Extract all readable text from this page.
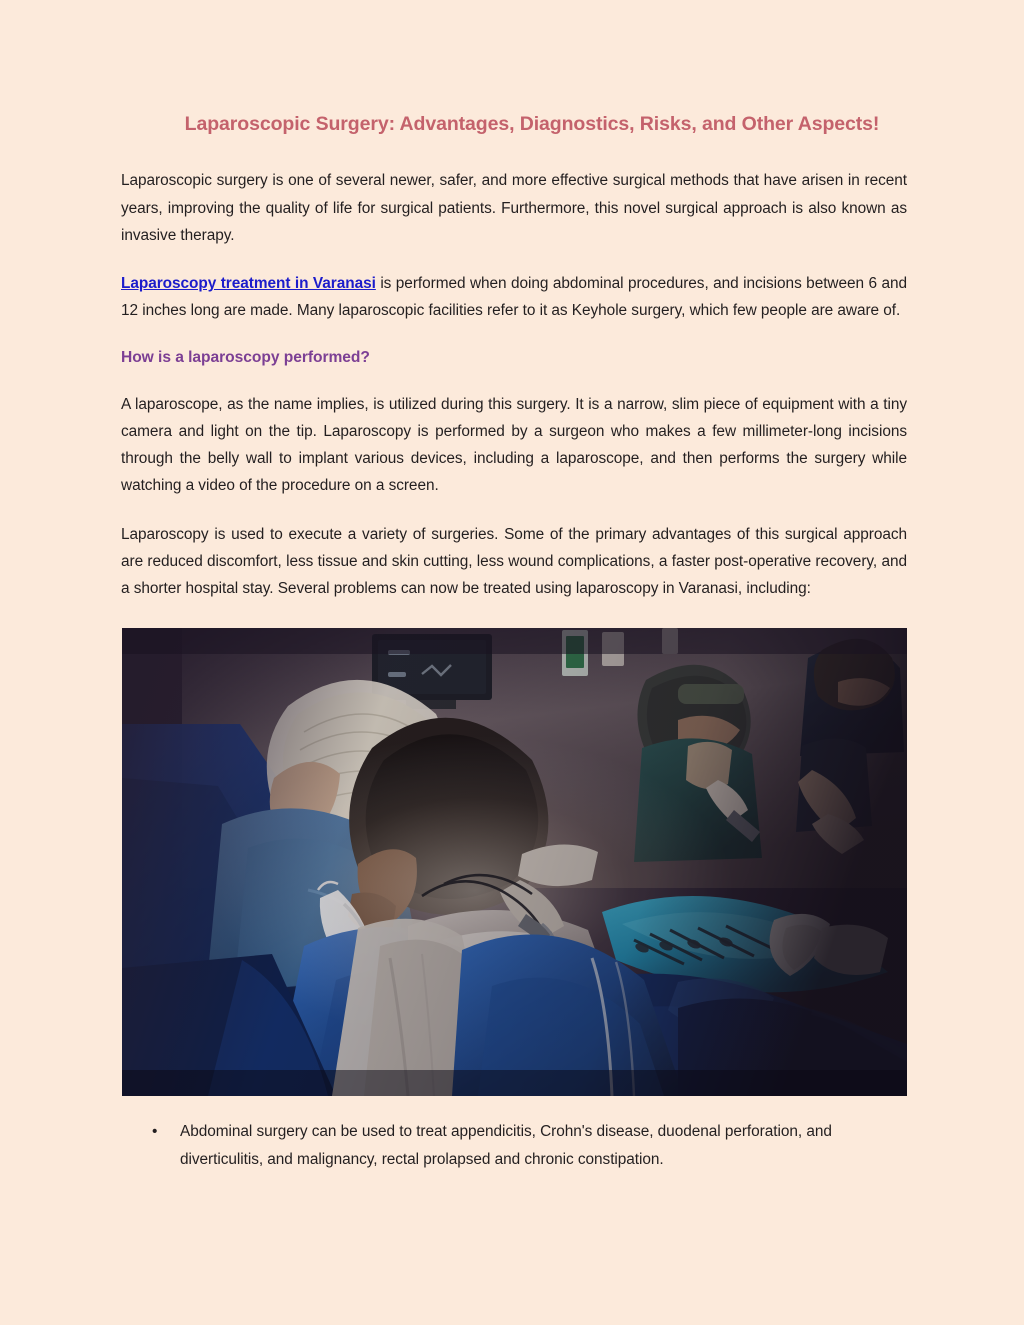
Laparoscopic Surgery: Advantages, Diagnostics, Risks, and Other Aspects!

Laparoscopic surgery is one of several newer, safer, and more effective surgical methods that have arisen in recent years, improving the quality of life for surgical patients. Furthermore, this novel surgical approach is also known as invasive therapy.

Laparoscopy treatment in Varanasi is performed when doing abdominal procedures, and incisions between 6 and 12 inches long are made. Many laparoscopic facilities refer to it as Keyhole surgery, which few people are aware of.

How is a laparoscopy performed?

A laparoscope, as the name implies, is utilized during this surgery. It is a narrow, slim piece of equipment with a tiny camera and light on the tip. Laparoscopy is performed by a surgeon who makes a few millimeter-long incisions through the belly wall to implant various devices, including a laparoscope, and then performs the surgery while watching a video of the procedure on a screen.

Laparoscopy is used to execute a variety of surgeries. Some of the primary advantages of this surgical approach are reduced discomfort, less tissue and skin cutting, less wound complications, a faster post-operative recovery, and a shorter hospital stay. Several problems can now be treated using laparoscopy in Varanasi, including:

• Abdominal surgery can be used to treat appendicitis, Crohn's disease, duodenal perforation, and diverticulitis, and malignancy, rectal prolapsed and chronic constipation.
